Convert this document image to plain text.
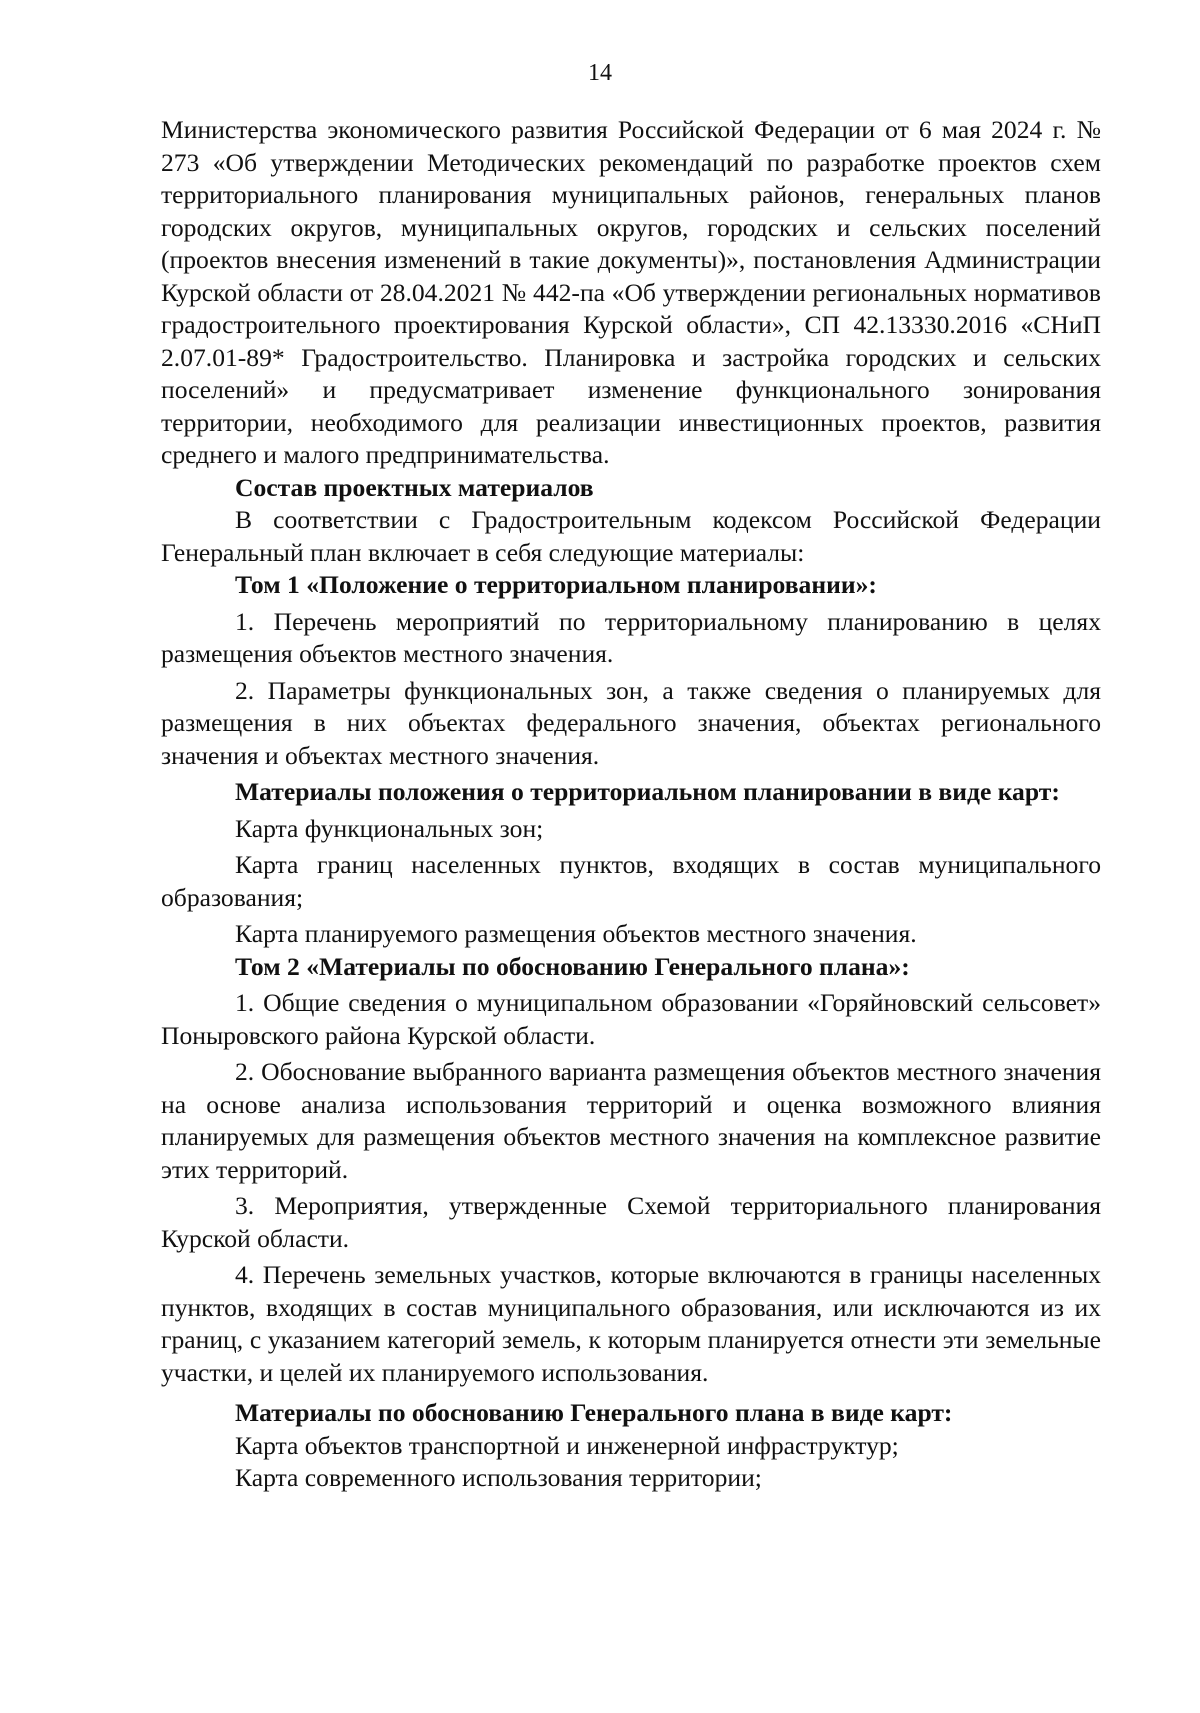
14

Министерства экономического развития Российской Федерации от 6 мая 2024 г. № 273 «Об утверждении Методических рекомендаций по разработке проектов схем территориального планирования муниципальных районов, генеральных планов городских округов, муниципальных округов, городских и сельских поселений (проектов внесения изменений в такие документы)», постановления Администрации Курской области от 28.04.2021 № 442-па «Об утверждении региональных нормативов градостроительного проектирования Курской области», СП 42.13330.2016 «СНиП 2.07.01-89* Градостроительство. Планировка и застройка городских и сельских поселений» и предусматривает изменение функционального зонирования территории, необходимого для реализации инвестиционных проектов, развития среднего и малого предпринимательства.

Состав проектных материалов

В соответствии с Градостроительным кодексом Российской Федерации Генеральный план включает в себя следующие материалы:

Том 1 «Положение о территориальном планировании»:

1. Перечень мероприятий по территориальному планированию в целях размещения объектов местного значения.

2. Параметры функциональных зон, а также сведения о планируемых для размещения в них объектах федерального значения, объектах регионального значения и объектах местного значения.

Материалы положения о территориальном планировании в виде карт:

Карта функциональных зон;

Карта границ населенных пунктов, входящих в состав муниципального образования;

Карта планируемого размещения объектов местного значения.

Том 2 «Материалы по обоснованию Генерального плана»:

1. Общие сведения о муниципальном образовании «Горяйновский сельсовет» Поныровского района Курской области.

2. Обоснование выбранного варианта размещения объектов местного значения на основе анализа использования территорий и оценка возможного влияния планируемых для размещения объектов местного значения на комплексное развитие этих территорий.

3. Мероприятия, утвержденные Схемой территориального планирования Курской области.

4. Перечень земельных участков, которые включаются в границы населенных пунктов, входящих в состав муниципального образования, или исключаются из их границ, с указанием категорий земель, к которым планируется отнести эти земельные участки, и целей их планируемого использования.

Материалы по обоснованию Генерального плана в виде карт:

Карта объектов транспортной и инженерной инфраструктур;

Карта современного использования территории;
